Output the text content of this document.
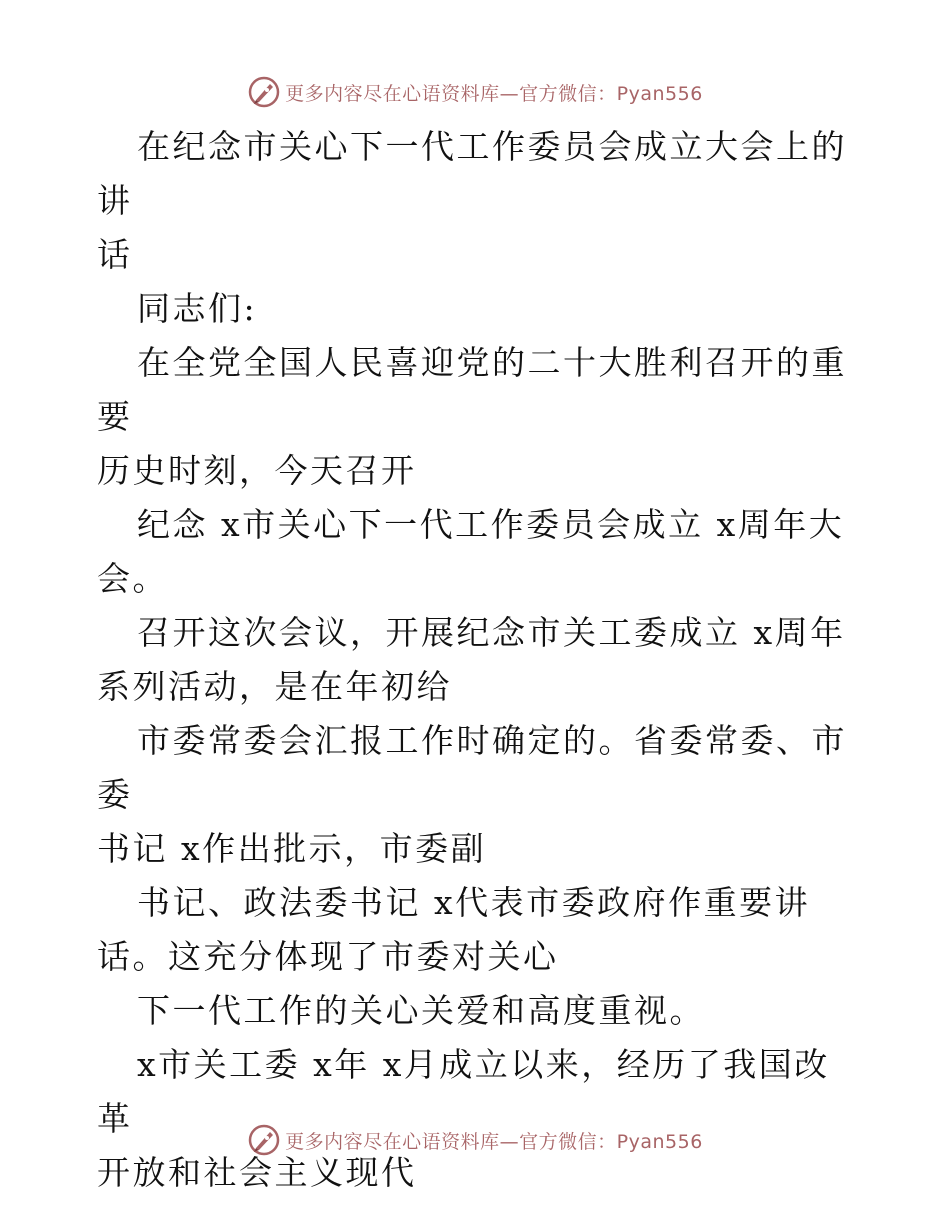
更多内容尽在心语资料库—官方微信：Pyan556

在纪念市关心下一代工作委员会成立大会上的讲

话

同志们:

在全党全国人民喜迎党的二十大胜利召开的重要

历史时刻，今天召开

纪念 x市关心下一代工作委员会成立 x周年大

会。

召开这次会议，开展纪念市关工委成立 x周年

系列活动，是在年初给

市委常委会汇报工作时确定的。省委常委、市委

书记 x作出批示，市委副

书记、政法委书记 x代表市委政府作重要讲

话。这充分体现了市委对关心

下一代工作的关心关爱和高度重视。

x市关工委 x年 x月成立以来，经历了我国改革

开放和社会主义现代

更多内容尽在心语资料库—官方微信：Pyan556
